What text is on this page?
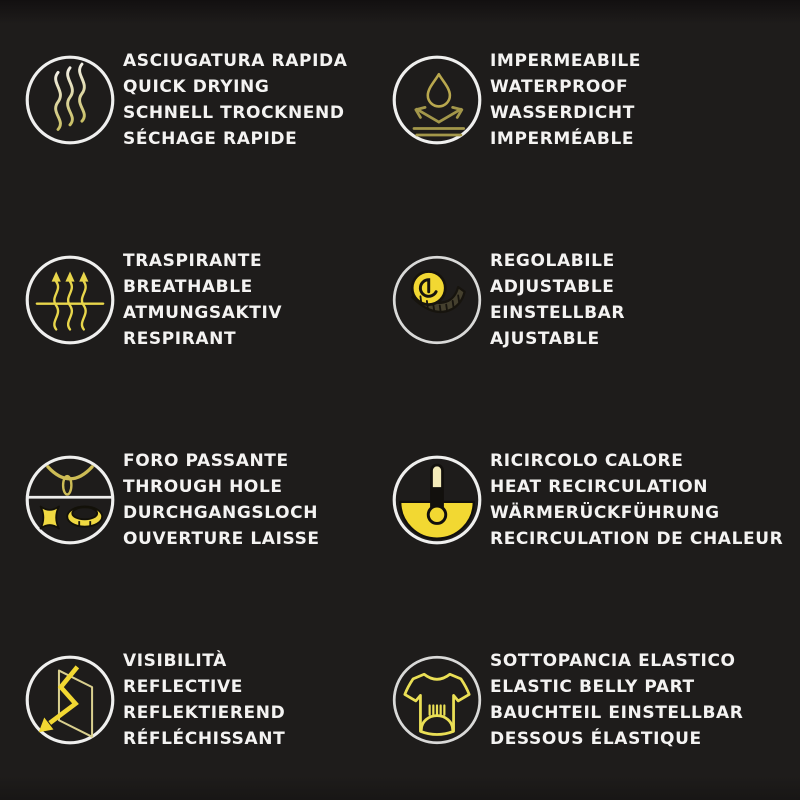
ASCIUGATURA RAPIDA
QUICK DRYING
SCHNELL TROCKNEND
SÉCHAGE RAPIDE
IMPERMEABILE
WATERPROOF
WASSERDICHT
IMPERMÉABLE
TRASPIRANTE
BREATHABLE
ATMUNGSAKTIV
RESPIRANT
REGOLABILE
ADJUSTABLE
EINSTELLBAR
AJUSTABLE
FORO PASSANTE
THROUGH HOLE
DURCHGANGSLOCH
OUVERTURE LAISSE
RICIRCOLO CALORE
HEAT RECIRCULATION
WÄRMERÜCKFÜHRUNG
RECIRCULATION DE CHALEUR
VISIBILITÀ
REFLECTIVE
REFLEKTIEREND
RÉFLÉCHISSANT
SOTTOPANCIA ELASTICO
ELASTIC BELLY PART
BAUCHTEIL EINSTELLBAR
DESSOUS ÉLASTIQUE
